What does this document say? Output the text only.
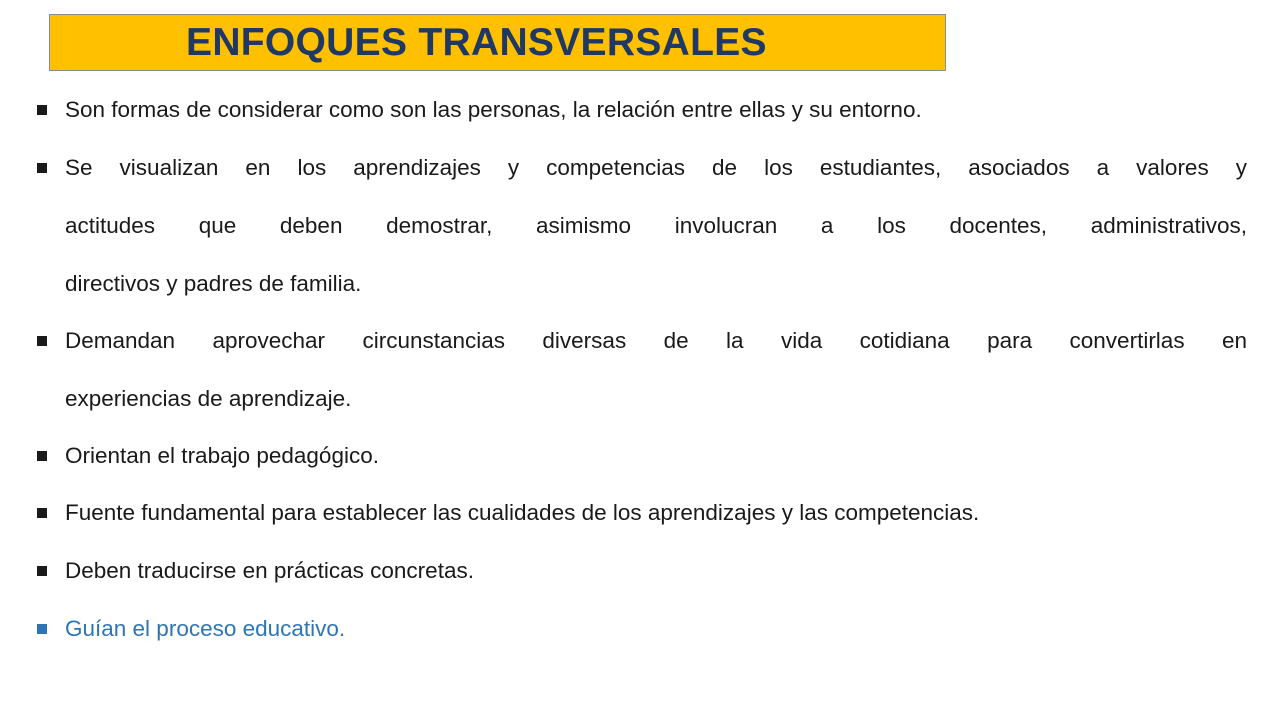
ENFOQUES TRANSVERSALES
Son formas de considerar como son las personas, la relación entre ellas y su entorno.
Se visualizan en los aprendizajes y competencias de los estudiantes, asociados a valores y
actitudes que deben demostrar, asimismo involucran a los docentes, administrativos,
directivos y padres de familia.
Demandan aprovechar circunstancias diversas de la vida cotidiana para convertirlas en
experiencias de aprendizaje.
Orientan el trabajo pedagógico.
Fuente fundamental para establecer las cualidades de los aprendizajes y las competencias.
Deben traducirse en prácticas concretas.
Guían el proceso educativo.
